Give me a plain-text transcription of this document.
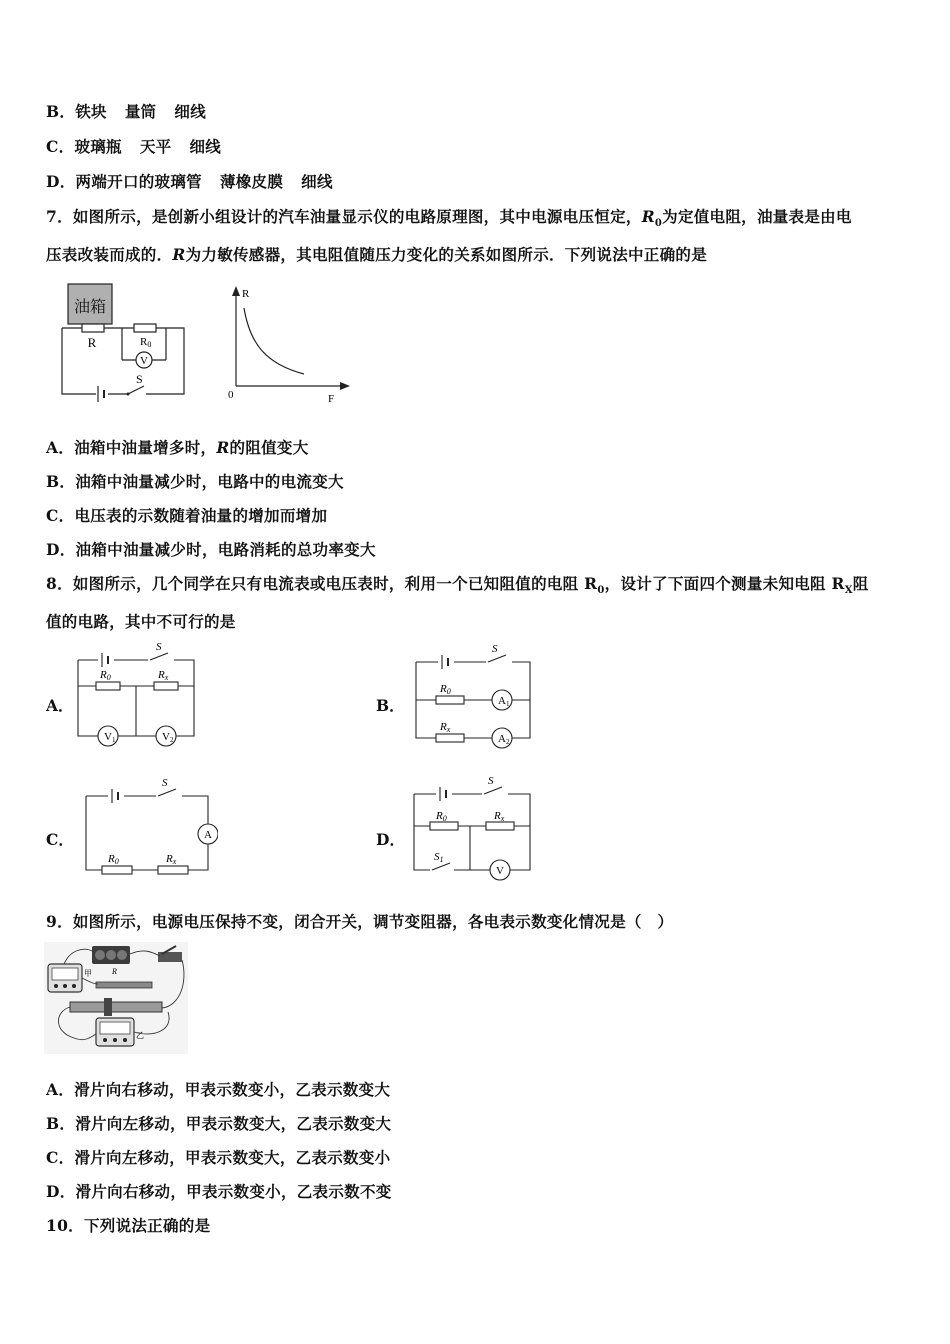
B．铁块 量筒 细线
C．玻璃瓶 天平 细线
D．两端开口的玻璃管 薄橡皮膜 细线
7．如图所示，是创新小组设计的汽车油量显示仪的电路原理图，其中电源电压恒定，$R_0$为定值电阻，油量表是由电
压表改装而成的．R为力敏传感器，其电阻值随压力变化的关系如图所示．下列说法中正确的是
油箱
R	R0
V
S
R
F
0
A．油箱中油量增多时，R的阻值变大
B．油箱中油量减少时，电路中的电流变大
C．电压表的示数随着油量的增加而增加
D．油箱中油量减少时，电路消耗的总功率变大
8．如图所示，几个同学在只有电流表或电压表时，利用一个已知阻值的电阻 $R_0$，设计了下面四个测量未知电阻 $R_X$阻
值的电路，其中不可行的是
A．	B．
C．	D．
S
R0	Rx
V1	V2
S
R0
A1
Rx
A2
S
A
R0	Rx
S
R0	Rx
S1
V
9．如图所示，电源电压保持不变，闭合开关，调节变阻器，各电表示数变化情况是（　）
甲	R
乙
A．滑片向右移动，甲表示数变小，乙表示数变大
B．滑片向左移动，甲表示数变大，乙表示数变大
C．滑片向左移动，甲表示数变大，乙表示数变小
D．滑片向右移动，甲表示数变小，乙表示数不变
10．下列说法正确的是
